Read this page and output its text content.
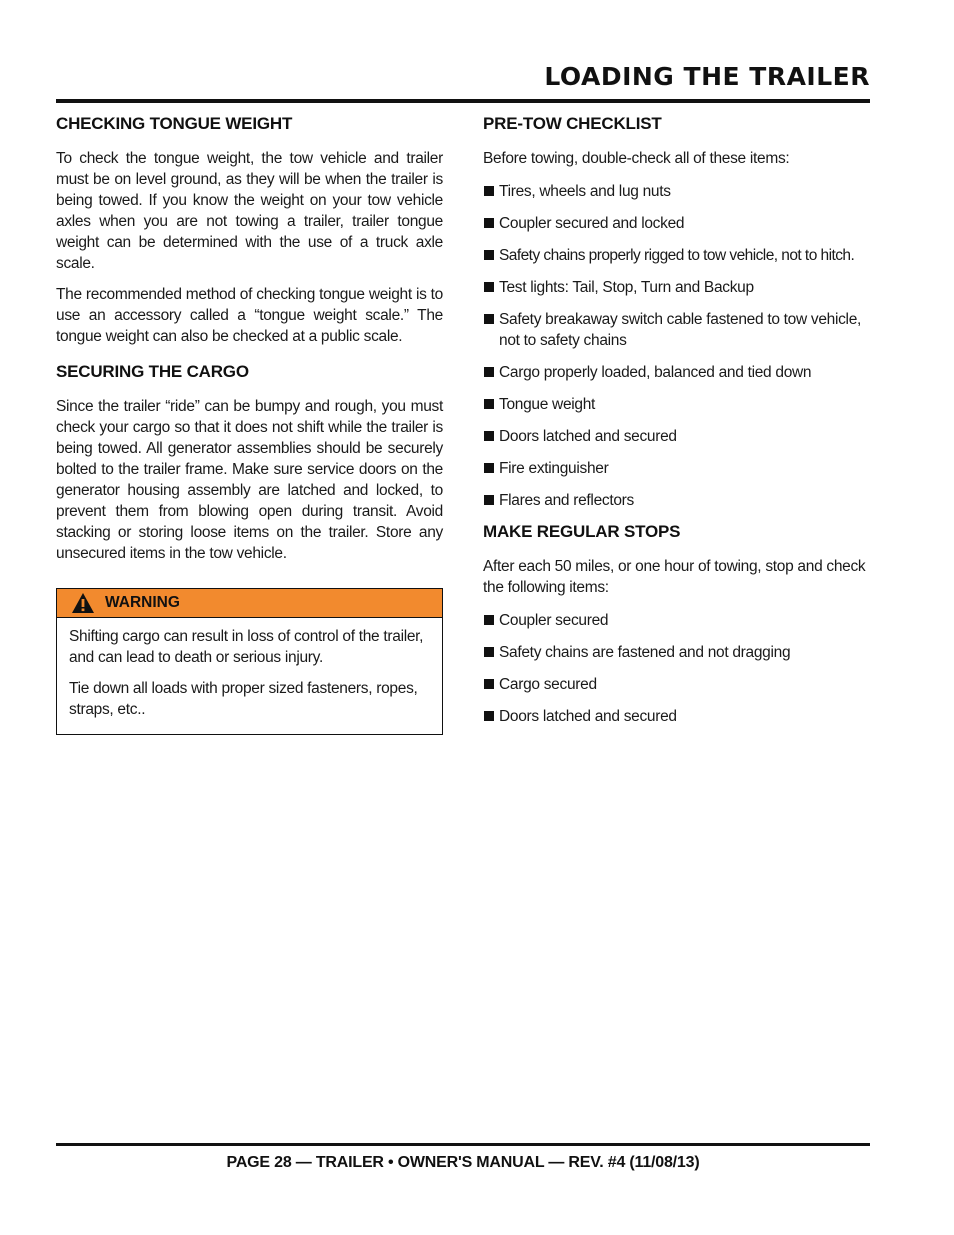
LOADING THE TRAILER
CHECKING TONGUE WEIGHT

To check the tongue weight, the tow vehicle and trailer must be on level ground, as they will be when the trailer is being towed. If you know the weight on your tow vehicle axles when you are not towing a trailer, trailer tongue weight can be determined with the use of a truck axle scale.

The recommended method of checking tongue weight is to use an accessory called a “tongue weight scale.” The tongue weight can also be checked at a public scale.

SECURING THE CARGO

Since the trailer “ride” can be bumpy and rough, you must check your cargo so that it does not shift while the trailer is being towed. All generator assemblies should be securely bolted to the trailer frame. Make sure service doors on the generator housing assembly are latched and locked, to prevent them from blowing open during transit. Avoid stacking or storing loose items on the trailer. Store any unsecured items in the tow vehicle.

WARNING

Shifting cargo can result in loss of control of the trailer, and can lead to death or serious injury.

Tie down all loads with proper sized fasteners, ropes, straps, etc..

PRE-TOW CHECKLIST

Before towing, double-check all of these items:

Tires, wheels and lug nuts
Coupler secured and locked
Safety chains properly rigged to tow vehicle, not to hitch.
Test lights: Tail, Stop, Turn and Backup
Safety breakaway switch cable fastened to tow vehicle, not to safety chains
Cargo properly loaded, balanced and tied down
Tongue weight
Doors latched and secured
Fire extinguisher
Flares and reflectors
MAKE REGULAR STOPS

After each 50 miles, or one hour of towing, stop and check the following items:

Coupler secured
Safety chains are fastened and not dragging
Cargo secured
Doors latched and secured
PAGE 28 — TRAILER • OWNER'S MANUAL — REV. #4 (11/08/13)
